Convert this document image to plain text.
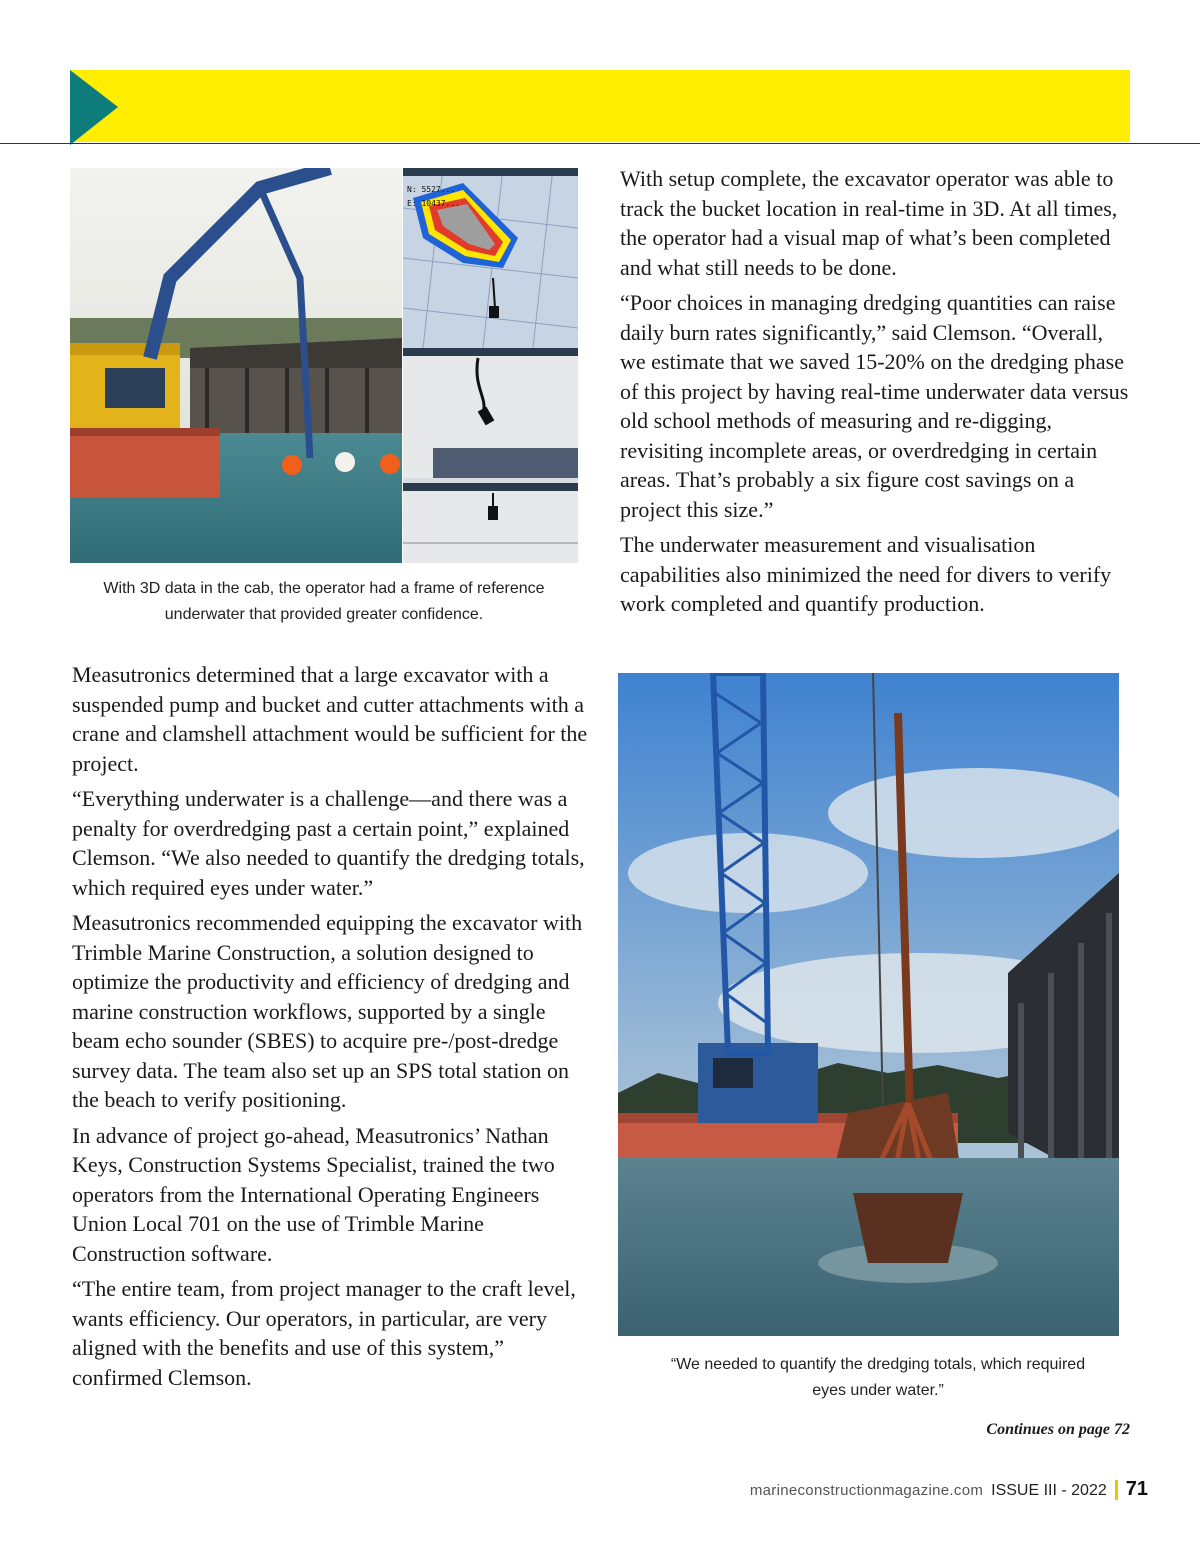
N: 5527...
E: 10437...
With 3D data in the cab, the operator had a frame of reference
underwater that provided greater confidence.

With setup complete, the excavator operator was able to track the bucket location in real-time in 3D. At all times, the operator had a visual map of what’s been completed and what still needs to be done.

“Poor choices in managing dredging quantities can raise daily burn rates significantly,” said Clemson. “Overall, we estimate that we saved 15-20% on the dredging phase of this project by having real-time underwater data versus old school methods of measuring and re-digging, revisiting incomplete areas, or overdredging in certain areas. That’s probably a six figure cost savings on a project this size.”

The underwater measurement and visualisation capabilities also minimized the need for divers to verify work completed and quantify production.

Measutronics determined that a large excavator with a suspended pump and bucket and cutter attachments with a crane and clamshell attachment would be sufficient for the project.

“Everything underwater is a challenge—and there was a penalty for overdredging past a certain point,” explained Clemson. “We also needed to quantify the dredging totals, which required eyes under water.”

Measutronics recommended equipping the excavator with Trimble Marine Construction, a solution designed to optimize the productivity and efficiency of dredging and marine construction workflows, supported by a single beam echo sounder (SBES) to acquire pre-/post-dredge survey data. The team also set up an SPS total station on the beach to verify positioning.

In advance of project go-ahead, Measutronics’ Nathan Keys, Construction Systems Specialist, trained the two operators from the International Operating Engineers Union Local 701 on the use of Trimble Marine Construction software.

“The entire team, from project manager to the craft level, wants efficiency. Our operators, in particular, are very aligned with the benefits and use of this system,” confirmed Clemson.	“We needed to quantify the dredging totals, which required
eyes under water.”
Continues on page 72
marineconstructionmagazine.com ISSUE III - 2022 71
